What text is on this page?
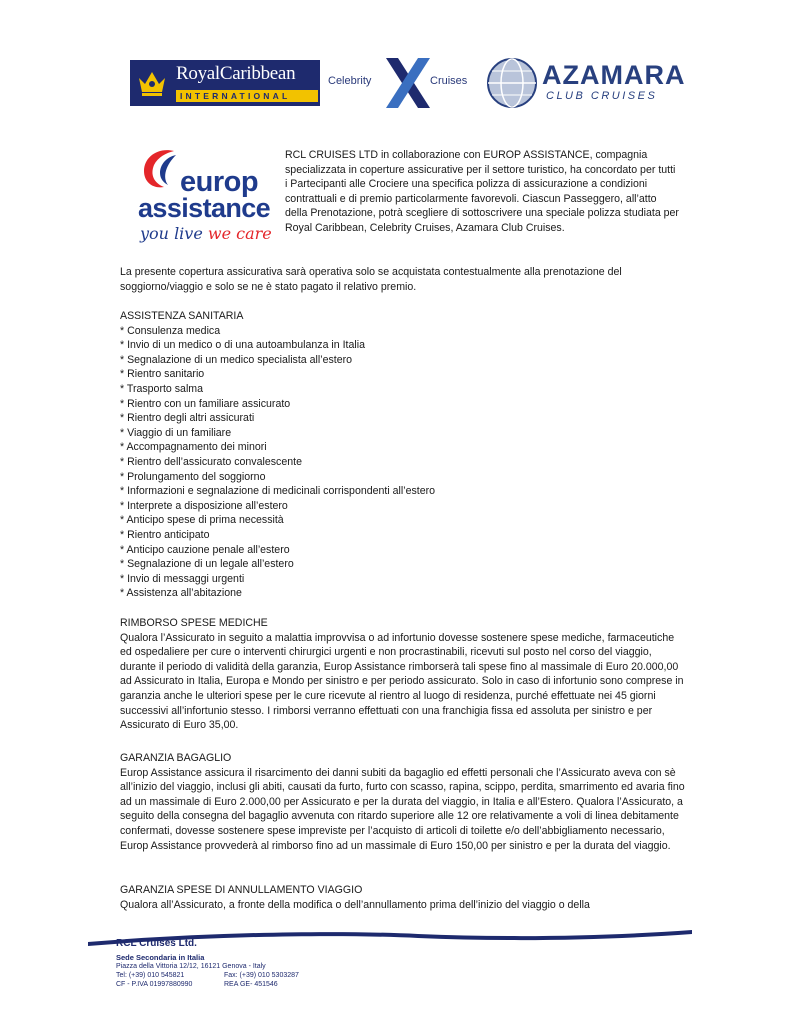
RoyalCaribbean
INTERNATIONAL
Celebrity	Cruises	AZAMARA
CLUB CRUISES
europ
assistance
you live we care

RCL CRUISES LTD in collaborazione con EUROP ASSISTANCE, compagnia specializzata in coperture assicurative per il settore turistico, ha concordato per tutti i Partecipanti alle Crociere una specifica polizza di assicurazione a condizioni contrattuali e di premio particolarmente favorevoli. Ciascun Passeggero, all’atto della Prenotazione, potrà scegliere di sottoscrivere una speciale polizza studiata per Royal Caribbean, Celebrity Cruises, Azamara Club Cruises.

La presente copertura assicurativa sarà operativa solo se acquistata contestualmente alla prenotazione del soggiorno/viaggio e solo se ne è stato pagato il relativo premio.

ASSISTENZA SANITARIA
* Consulenza medica
* Invio di un medico o di una autoambulanza in Italia
* Segnalazione di un medico specialista all’estero
* Rientro sanitario
* Trasporto salma
* Rientro con un familiare assicurato
* Rientro degli altri assicurati
* Viaggio di un familiare
* Accompagnamento dei minori
* Rientro dell’assicurato convalescente
* Prolungamento del soggiorno
* Informazioni e segnalazione di medicinali corrispondenti all’estero
* Interprete a disposizione all’estero
* Anticipo spese di prima necessità
* Rientro anticipato
* Anticipo cauzione penale all’estero
* Segnalazione di un legale all’estero
* Invio di messaggi urgenti
* Assistenza all’abitazione
RIMBORSO SPESE MEDICHE

Qualora l’Assicurato in seguito a malattia improvvisa o ad infortunio dovesse sostenere spese mediche, farmaceutiche ed ospedaliere per cure o interventi chirurgici urgenti e non procrastinabili, ricevuti sul posto nel corso del viaggio, durante il periodo di validità della garanzia, Europ Assistance rimborserà tali spese fino al massimale di Euro 20.000,00 ad Assicurato in Italia, Europa e Mondo per sinistro e per periodo assicurato. Solo in caso di infortunio sono comprese in garanzia anche le ulteriori spese per le cure ricevute al rientro al luogo di residenza, purché effettuate nei 45 giorni successivi all’infortunio stesso. I rimborsi verranno effettuati con una franchigia fissa ed assoluta per sinistro e per Assicurato di Euro 35,00.

GARANZIA BAGAGLIO

Europ Assistance assicura il risarcimento dei danni subiti da bagaglio ed effetti personali che l’Assicurato aveva con sè all’inizio del viaggio, inclusi gli abiti, causati da furto, furto con scasso, rapina, scippo, perdita, smarrimento ed avaria fino ad un massimale di Euro 2.000,00 per Assicurato e per la durata del viaggio, in Italia e all’Estero. Qualora l’Assicurato, a seguito della consegna del bagaglio avvenuta con ritardo superiore alle 12 ore relativamente a voli di linea debitamente confermati, dovesse sostenere spese impreviste per l’acquisto di articoli di toilette e/o dell’abbigliamento necessario, Europ Assistance provvederà al rimborso fino ad un massimale di Euro 150,00 per sinistro e per la durata del viaggio.

GARANZIA SPESE DI ANNULLAMENTO VIAGGIO

Qualora all’Assicurato, a fronte della modifica o dell’annullamento prima dell’inizio del viaggio o della

RCL Cruises Ltd.
Sede Secondaria in Italia
Piazza della Vittoria 12/12, 16121 Genova - Italy
Tel: (+39) 010 545821	Fax: (+39) 010 5303287
CF - P.IVA 01997880990	REA GE- 451546
